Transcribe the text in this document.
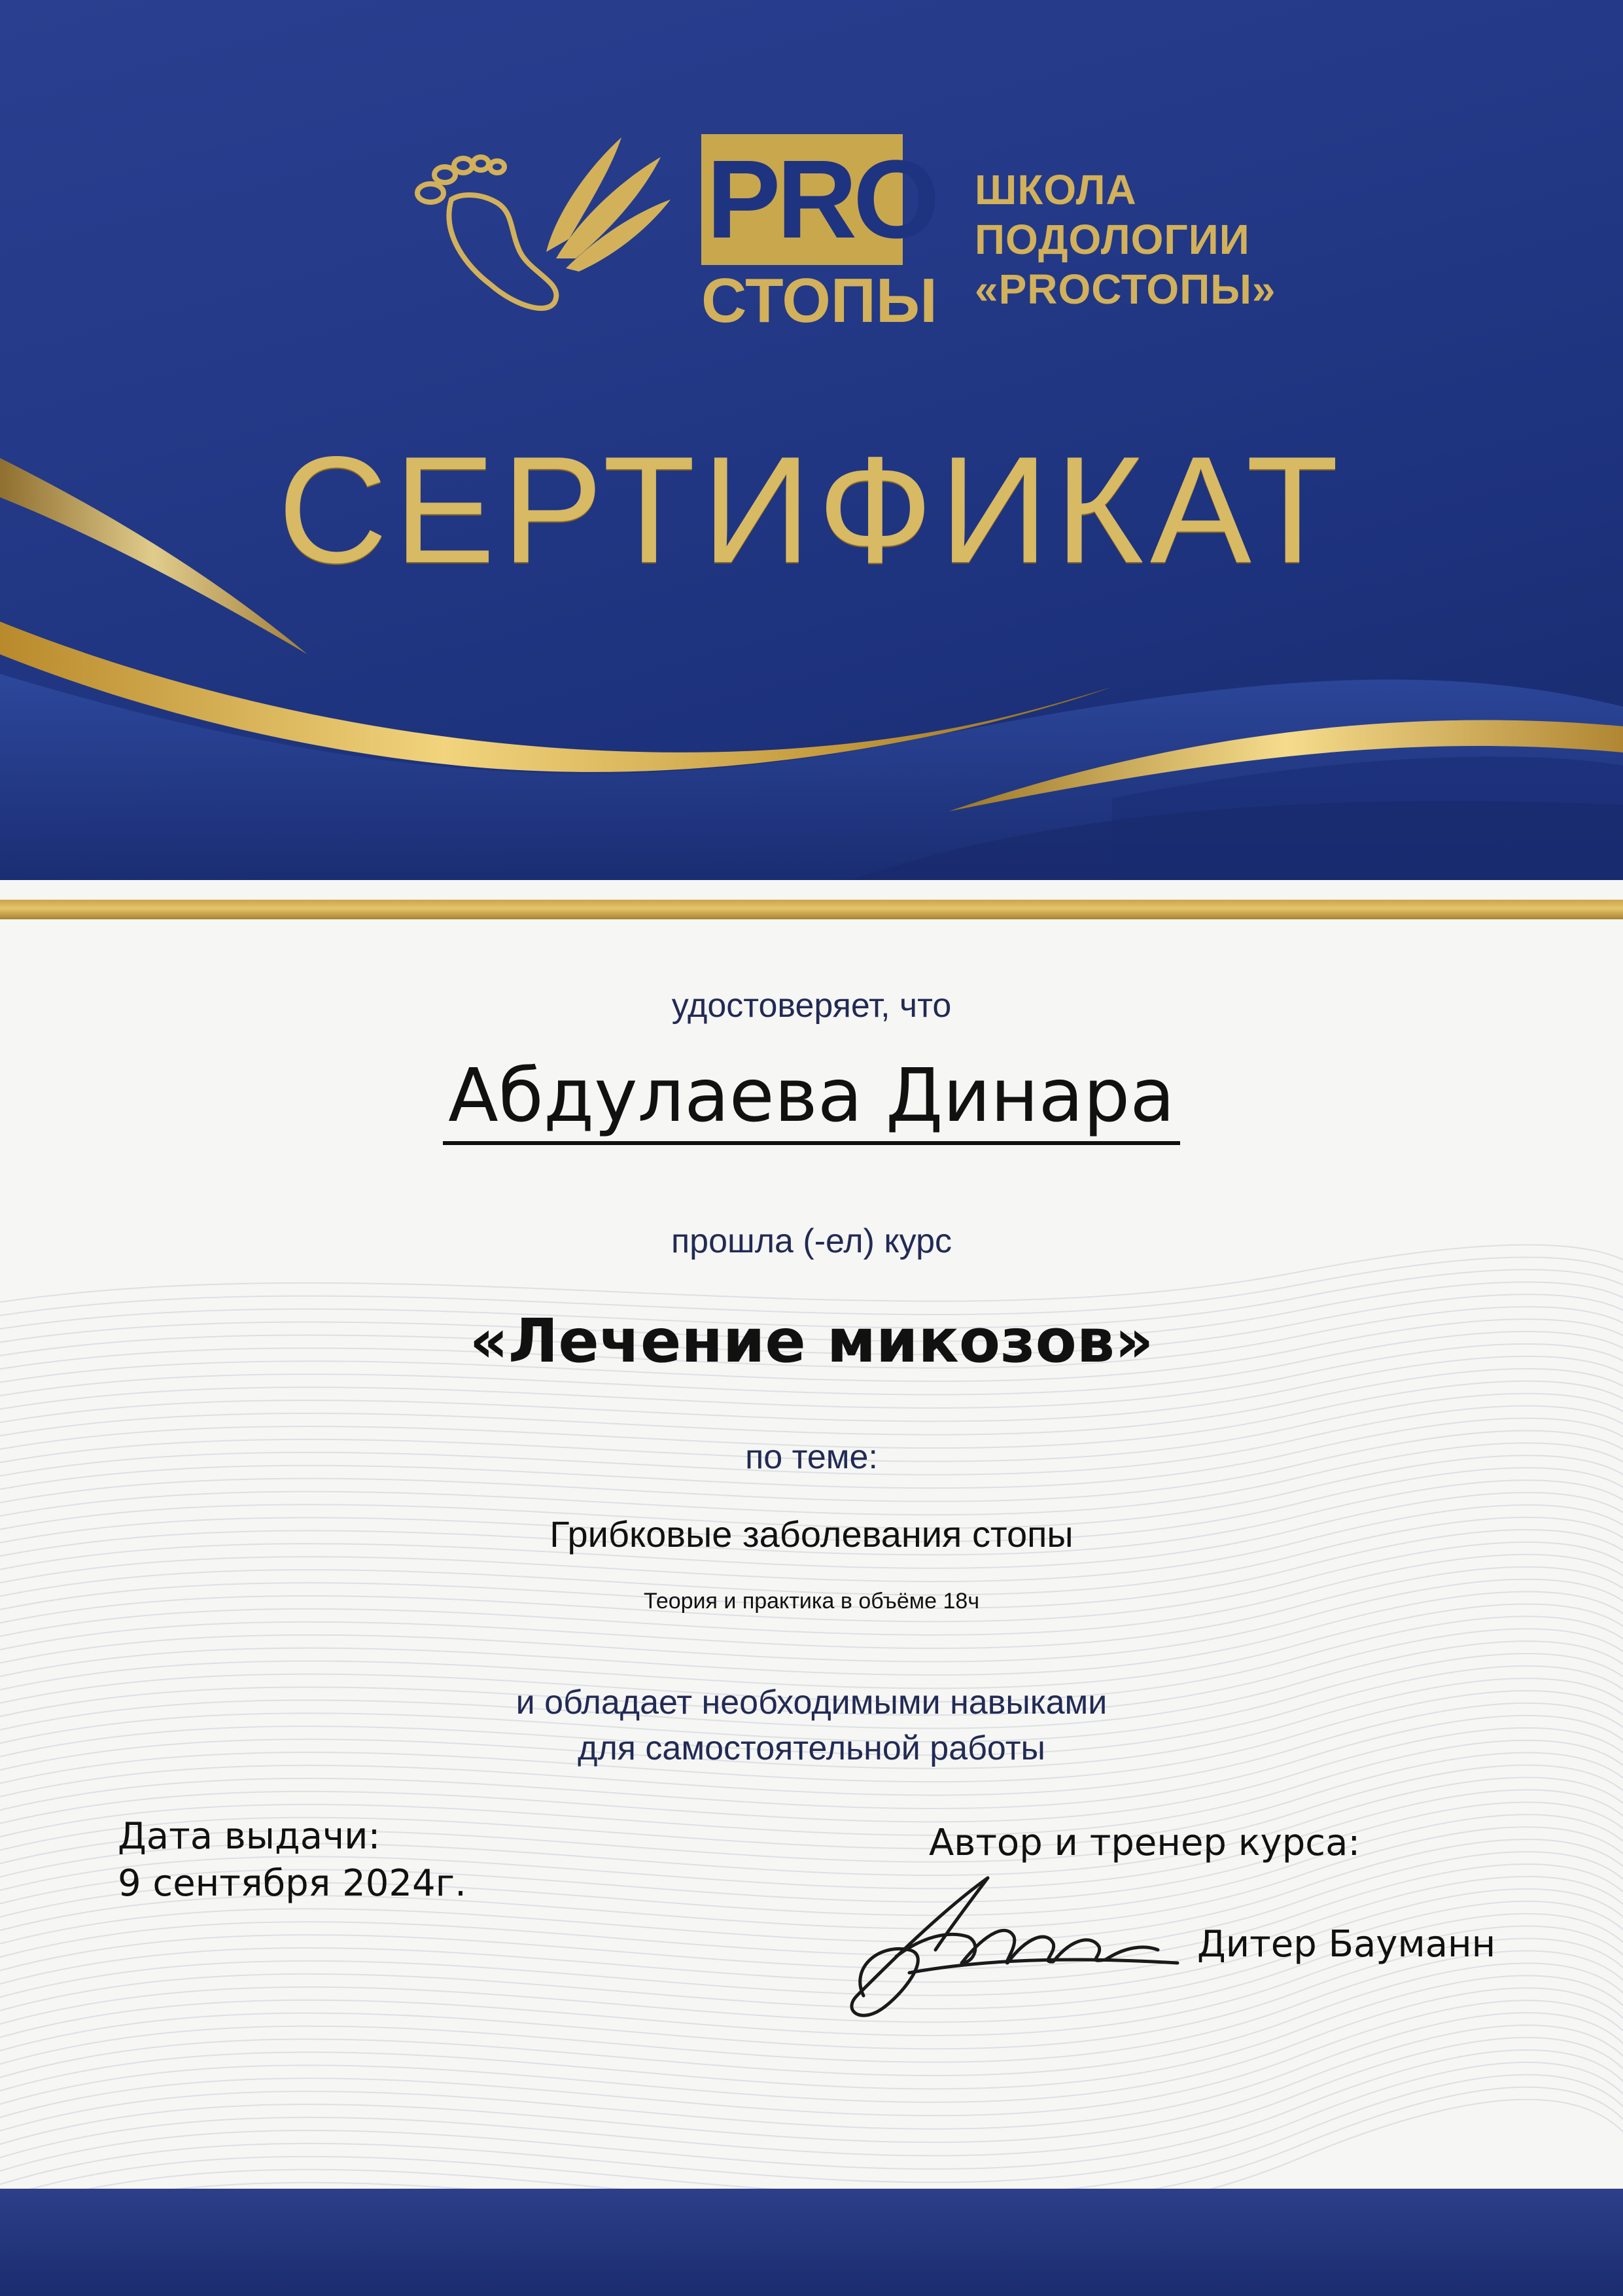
PRO
СТОПЫ
ШКОЛА
ПОДОЛОГИИ
«PROСТОПЫ»
СЕРТИФИКАТ
удостоверяет, что
Абдулаева Динара
прошла (-ел) курс
«Лечение микозов»
по теме:
Грибковые заболевания стопы
Теория и практика в объёме 18ч
и обладает необходимыми навыками
для самостоятельной работы
Дата выдачи:
9 сентября 2024г.
Автор и тренер курса:
Дитер Бауманн
